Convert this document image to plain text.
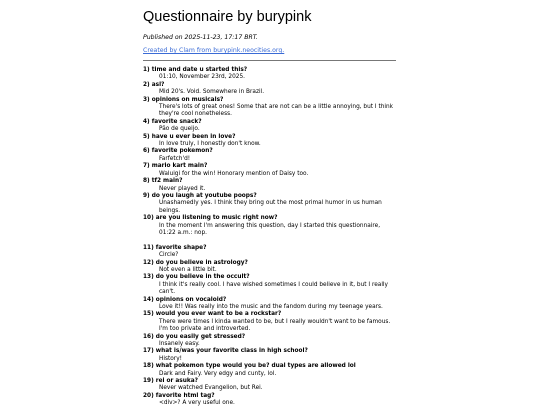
Questionnaire by burypink
Published on 2025-11-23, 17:17 BRT.
Created by Clam from burypink.neocities.org.
1) time and date u started this?
01:10, November 23rd, 2025.
2) asl?
Mid 20's. Void. Somewhere in Brazil.
3) opinions on musicals?
There's lots of great ones! Some that are not can be a little annoying, but I think they're cool nonetheless.
4) favorite snack?
Pão de queijo.
5) have u ever been in love?
In love truly, I honestly don't know.
6) favorite pokemon?
Farfetch'd!
7) mario kart main?
Waluigi for the win! Honorary mention of Daisy too.
8) tf2 main?
Never played it.
9) do you laugh at youtube poops?
Unashamedly yes. I think they bring out the most primal humor in us human beings.
10) are you listening to music right now?
In the moment I'm answering this question, day I started this questionnaire, 01:22 a.m.: nop.
11) favorite shape?
Circle?
12) do you believe in astrology?
Not even a little bit.
13) do you believe in the occult?
I think it's really cool. I have wished sometimes I could believe in it, but I really can't.
14) opinions on vocaloid?
Love it!! Was really into the music and the fandom during my teenage years.
15) would you ever want to be a rockstar?
There were times I kinda wanted to be, but I really wouldn't want to be famous. I'm too private and introverted.
16) do you easily get stressed?
Insanely easy.
17) what is/was your favorite class in high school?
History!
18) what pokemon type would you be? dual types are allowed lol
Dark and Fairy. Very edgy and cunty, lol.
19) rei or asuka?
Never watched Evangelion, but Rei.
20) favorite html tag?
<div>? A very useful one.
